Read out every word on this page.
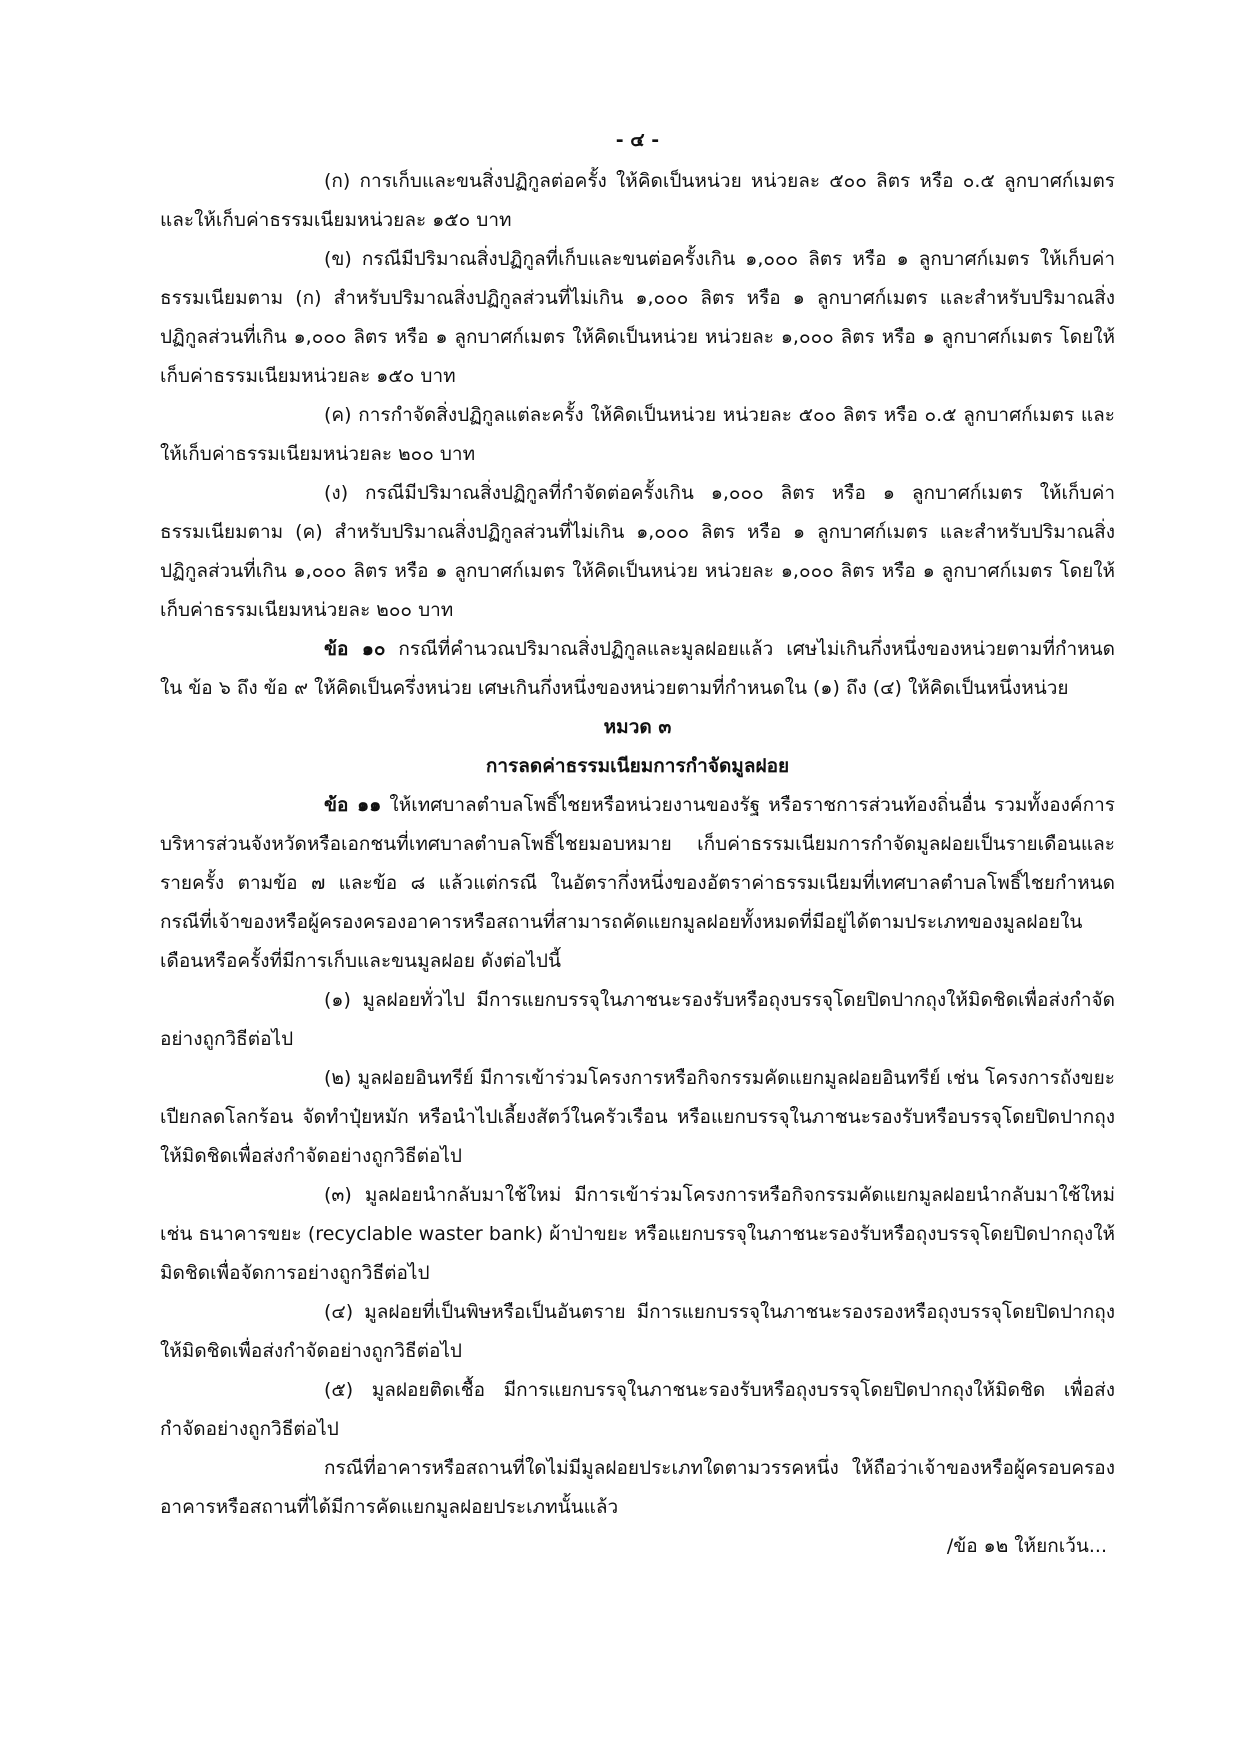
- ๔ -

(ก) การเก็บและขนสิ่งปฏิกูลต่อครั้ง ให้คิดเป็นหน่วย หน่วยละ ๕๐๐ ลิตร หรือ ๐.๕ ลูกบาศก์เมตร และให้เก็บค่าธรรมเนียมหน่วยละ ๑๕๐ บาท

(ข) กรณีมีปริมาณสิ่งปฏิกูลที่เก็บและขนต่อครั้งเกิน ๑,๐๐๐ ลิตร หรือ ๑ ลูกบาศก์เมตร ให้เก็บค่าธรรมเนียมตาม (ก) สำหรับปริมาณสิ่งปฏิกูลส่วนที่ไม่เกิน ๑,๐๐๐ ลิตร หรือ ๑ ลูกบาศก์เมตร และสำหรับปริมาณสิ่งปฏิกูลส่วนที่เกิน ๑,๐๐๐ ลิตร หรือ ๑ ลูกบาศก์เมตร ให้คิดเป็นหน่วย หน่วยละ ๑,๐๐๐ ลิตร หรือ ๑ ลูกบาศก์เมตร โดยให้เก็บค่าธรรมเนียมหน่วยละ ๑๕๐ บาท

(ค) การกำจัดสิ่งปฏิกูลแต่ละครั้ง ให้คิดเป็นหน่วย หน่วยละ ๕๐๐ ลิตร หรือ ๐.๕ ลูกบาศก์เมตร และให้เก็บค่าธรรมเนียมหน่วยละ ๒๐๐ บาท

(ง) กรณีมีปริมาณสิ่งปฏิกูลที่กำจัดต่อครั้งเกิน ๑,๐๐๐ ลิตร หรือ ๑ ลูกบาศก์เมตร ให้เก็บค่าธรรมเนียมตาม (ค) สำหรับปริมาณสิ่งปฏิกูลส่วนที่ไม่เกิน ๑,๐๐๐ ลิตร หรือ ๑ ลูกบาศก์เมตร และสำหรับปริมาณสิ่งปฏิกูลส่วนที่เกิน ๑,๐๐๐ ลิตร หรือ ๑ ลูกบาศก์เมตร ให้คิดเป็นหน่วย หน่วยละ ๑,๐๐๐ ลิตร หรือ ๑ ลูกบาศก์เมตร โดยให้เก็บค่าธรรมเนียมหน่วยละ ๒๐๐ บาท

ข้อ ๑๐ กรณีที่คำนวณปริมาณสิ่งปฏิกูลและมูลฝอยแล้ว เศษไม่เกินกึ่งหนึ่งของหน่วยตามที่กำหนดใน ข้อ ๖ ถึง ข้อ ๙ ให้คิดเป็นครึ่งหน่วย เศษเกินกึ่งหนึ่งของหน่วยตามที่กำหนดใน (๑) ถึง (๔) ให้คิดเป็นหนึ่งหน่วย

หมวด ๓

การลดค่าธรรมเนียมการกำจัดมูลฝอย

ข้อ ๑๑ ให้เทศบาลตำบลโพธิ์ไชยหรือหน่วยงานของรัฐ หรือราชการส่วนท้องถิ่นอื่น รวมทั้งองค์การบริหารส่วนจังหวัดหรือเอกชนที่เทศบาลตำบลโพธิ์ไชยมอบหมาย เก็บค่าธรรมเนียมการกำจัดมูลฝอยเป็นรายเดือนและรายครั้ง ตามข้อ ๗ และข้อ ๘ แล้วแต่กรณี ในอัตรากึ่งหนึ่งของอัตราค่าธรรมเนียมที่เทศบาลตำบลโพธิ์ไชยกำหนด กรณีที่เจ้าของหรือผู้ครองครองอาคารหรือสถานที่สามารถคัดแยกมูลฝอยทั้งหมดที่มีอยู่ได้ตามประเภทของมูลฝอยในเดือนหรือครั้งที่มีการเก็บและขนมูลฝอย ดังต่อไปนี้

(๑) มูลฝอยทั่วไป มีการแยกบรรจุในภาชนะรองรับหรือถุงบรรจุโดยปิดปากถุงให้มิดชิดเพื่อส่งกำจัดอย่างถูกวิธีต่อไป

(๒) มูลฝอยอินทรีย์ มีการเข้าร่วมโครงการหรือกิจกรรมคัดแยกมูลฝอยอินทรีย์ เช่น โครงการถังขยะเปียกลดโลกร้อน จัดทำปุ๋ยหมัก หรือนำไปเลี้ยงสัตว์ในครัวเรือน หรือแยกบรรจุในภาชนะรองรับหรือบรรจุโดยปิดปากถุงให้มิดชิดเพื่อส่งกำจัดอย่างถูกวิธีต่อไป

(๓) มูลฝอยนำกลับมาใช้ใหม่ มีการเข้าร่วมโครงการหรือกิจกรรมคัดแยกมูลฝอยนำกลับมาใช้ใหม่ เช่น ธนาคารขยะ (recyclable waster bank) ผ้าป่าขยะ หรือแยกบรรจุในภาชนะรองรับหรือถุงบรรจุโดยปิดปากถุงให้มิดชิดเพื่อจัดการอย่างถูกวิธีต่อไป

(๔) มูลฝอยที่เป็นพิษหรือเป็นอันตราย มีการแยกบรรจุในภาชนะรองรองหรือถุงบรรจุโดยปิดปากถุงให้มิดชิดเพื่อส่งกำจัดอย่างถูกวิธีต่อไป

(๕) มูลฝอยติดเชื้อ มีการแยกบรรจุในภาชนะรองรับหรือถุงบรรจุโดยปิดปากถุงให้มิดชิด เพื่อส่งกำจัดอย่างถูกวิธีต่อไป

กรณีที่อาคารหรือสถานที่ใดไม่มีมูลฝอยประเภทใดตามวรรคหนึ่ง ให้ถือว่าเจ้าของหรือผู้ครอบครองอาคารหรือสถานที่ได้มีการคัดแยกมูลฝอยประเภทนั้นแล้ว

/ข้อ ๑๒ ให้ยกเว้น...
